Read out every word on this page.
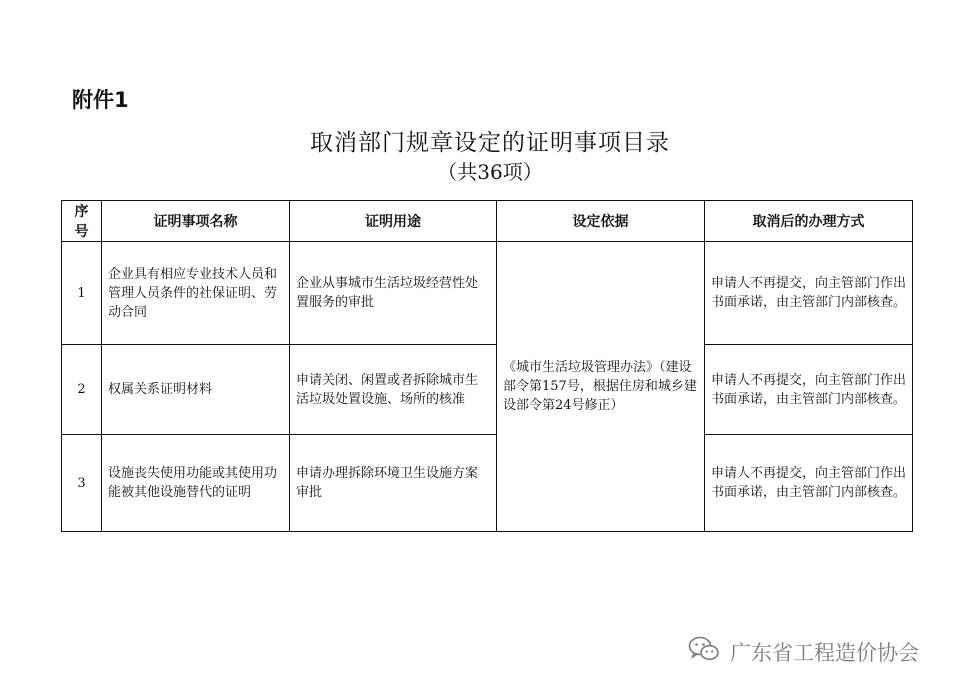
附件1
取消部门规章设定的证明事项目录
（共36项）
序号	证明事项名称	证明用途	设定依据	取消后的办理方式
1	企业具有相应专业技术人员和管理人员条件的社保证明、劳动合同	企业从事城市生活垃圾经营性处置服务的审批	《城市生活垃圾管理办法》（建设部令第157号，根据住房和城乡建设部令第24号修正）	申请人不再提交，向主管部门作出书面承诺，由主管部门内部核查。
2	权属关系证明材料	申请关闭、闲置或者拆除城市生活垃圾处置设施、场所的核准		申请人不再提交，向主管部门作出书面承诺，由主管部门内部核查。
3	设施丧失使用功能或其使用功能被其他设施替代的证明	申请办理拆除环境卫生设施方案审批		申请人不再提交，向主管部门作出书面承诺，由主管部门内部核查。
广东省工程造价协会
